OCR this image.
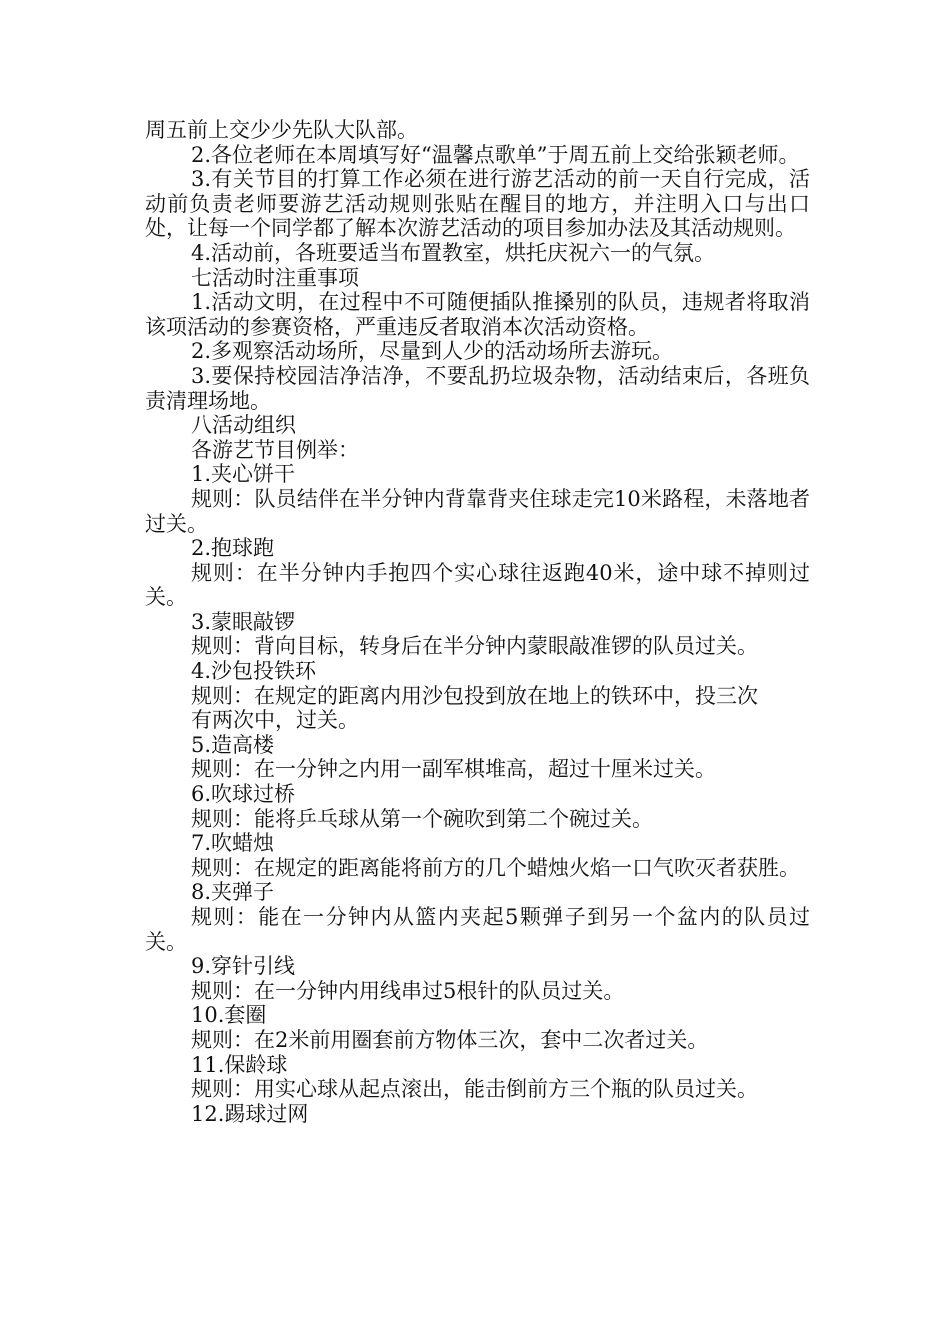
周五前上交少少先队大队部。

2.各位老师在本周填写好“温馨点歌单”于周五前上交给张颖老师。

3.有关节目的打算工作必须在进行游艺活动的前一天自行完成，活动前负责老师要游艺活动规则张贴在醒目的地方，并注明入口与出口处，让每一个同学都了解本次游艺活动的项目参加办法及其活动规则。

4.活动前，各班要适当布置教室，烘托庆祝六一的气氛。

七活动时注重事项

1.活动文明，在过程中不可随便插队推搡别的队员，违规者将取消该项活动的参赛资格，严重违反者取消本次活动资格。

2.多观察活动场所，尽量到人少的活动场所去游玩。

3.要保持校园洁净洁净，不要乱扔垃圾杂物，活动结束后，各班负责清理场地。

八活动组织

各游艺节目例举：

1.夹心饼干

规则：队员结伴在半分钟内背靠背夹住球走完10米路程，未落地者过关。

2.抱球跑

规则：在半分钟内手抱四个实心球往返跑40米，途中球不掉则过关。

3.蒙眼敲锣

规则：背向目标，转身后在半分钟内蒙眼敲准锣的队员过关。

4.沙包投铁环

规则：在规定的距离内用沙包投到放在地上的铁环中，投三次

有两次中，过关。

5.造高楼

规则：在一分钟之内用一副军棋堆高，超过十厘米过关。

6.吹球过桥

规则：能将乒乓球从第一个碗吹到第二个碗过关。

7.吹蜡烛

规则：在规定的距离能将前方的几个蜡烛火焰一口气吹灭者获胜。

8.夹弹子

规则：能在一分钟内从篮内夹起5颗弹子到另一个盆内的队员过关。

9.穿针引线

规则：在一分钟内用线串过5根针的队员过关。

10.套圈

规则：在2米前用圈套前方物体三次，套中二次者过关。

11.保龄球

规则：用实心球从起点滚出，能击倒前方三个瓶的队员过关。

12.踢球过网
